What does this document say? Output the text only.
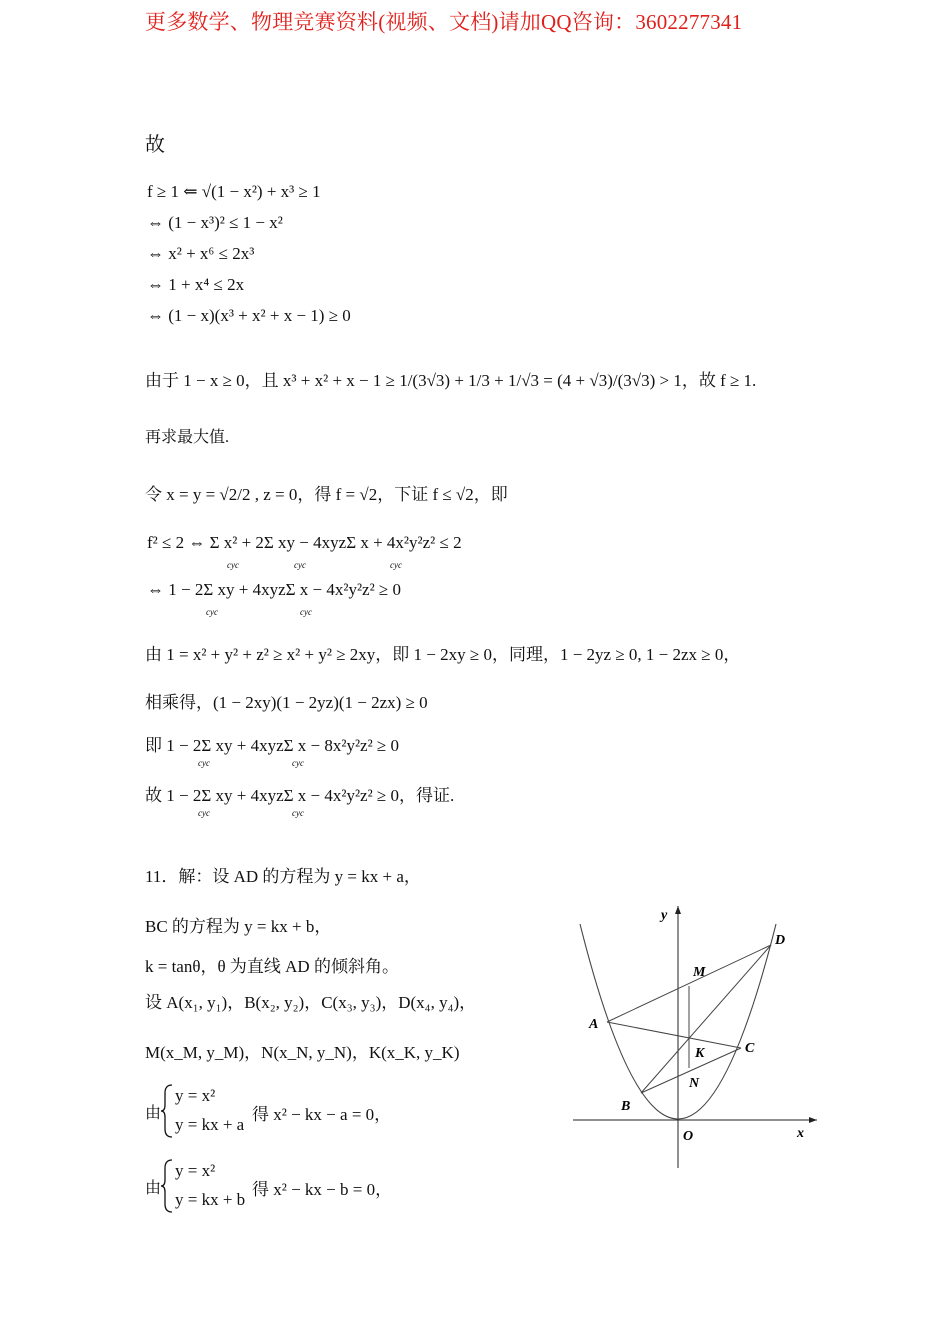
更多数学、物理竞赛资料(视频、文档)请加QQ咨询：3602277341
故
f ≥ 1 ⇐ √(1 − x²) + x³ ≥ 1
⇔ (1 − x³)² ≤ 1 − x²
⇔ x² + x⁶ ≤ 2x³
⇔ 1 + x⁴ ≤ 2x
⇔ (1 − x)(x³ + x² + x − 1) ≥ 0
由于 1 − x ≥ 0，且 x³ + x² + x − 1 ≥ 1/(3√3) + 1/3 + 1/√3 = (4 + √3)/(3√3) > 1，故 f ≥ 1.
再求最大值.
令 x = y = √2/2 , z = 0，得 f = √2，下证 f ≤ √2，即
f² ≤ 2 ⇔ Σ x² + 2Σ xy − 4xyzΣ x + 4x²y²z² ≤ 2
cyc	cyc	cyc
⇔ 1 − 2Σ xy + 4xyzΣ x − 4x²y²z² ≥ 0
cyc	cyc
由 1 = x² + y² + z² ≥ x² + y² ≥ 2xy，即 1 − 2xy ≥ 0，同理，1 − 2yz ≥ 0, 1 − 2zx ≥ 0，
相乘得，(1 − 2xy)(1 − 2yz)(1 − 2zx) ≥ 0
即 1 − 2Σ xy + 4xyzΣ x − 8x²y²z² ≥ 0
cyc	cyc
故 1 − 2Σ xy + 4xyzΣ x − 4x²y²z² ≥ 0，得证.
cyc	cyc
11．解：设 AD 的方程为 y = kx + a，
BC 的方程为 y = kx + b，
k = tanθ，θ 为直线 AD 的倾斜角。
设 A(x₁, y₁)，B(x₂, y₂)，C(x₃, y₃)，D(x₄, y₄)，
M(x_M, y_M)，N(x_N, y_N)，K(x_K, y_K)
由
y = x²
y = kx + a
得 x² − kx − a = 0，
由
y = x²
y = kx + b
得 x² − kx − b = 0，
A
B
C
D
M
N
K
O	x
y
